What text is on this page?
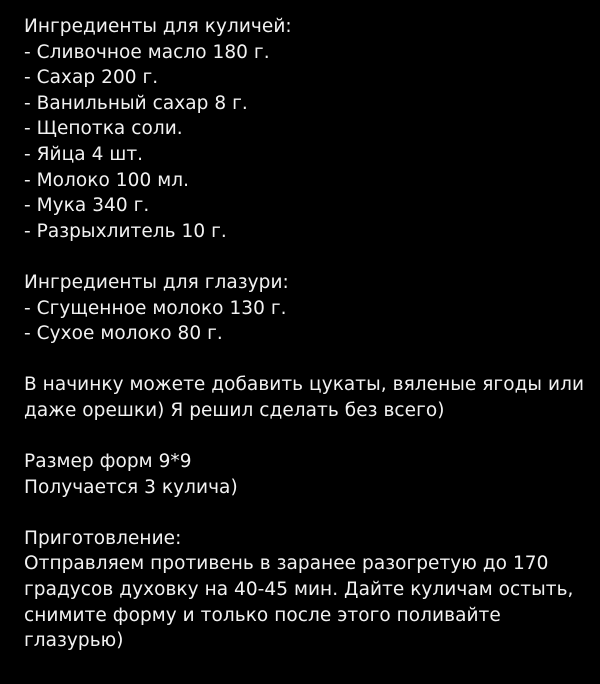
Ингредиенты для куличей:
- Сливочное масло 180 г.
- Сахар 200 г.
- Ванильный сахар 8 г.
- Щепотка соли.
- Яйца 4 шт.
- Молоко 100 мл.
- Мука 340 г.
- Разрыхлитель 10 г.
Ингредиенты для глазури:
- Сгущенное молоко 130 г.
- Сухое молоко 80 г.
В начинку можете добавить цукаты, вяленые ягоды или
даже орешки) Я решил сделать без всего)
Размер форм 9*9
Получается 3 кулича)
Приготовление:
Отправляем противень в заранее разогретую до 170
градусов духовку на 40-45 мин. Дайте куличам остыть,
снимите форму и только после этого поливайте
глазурью)
